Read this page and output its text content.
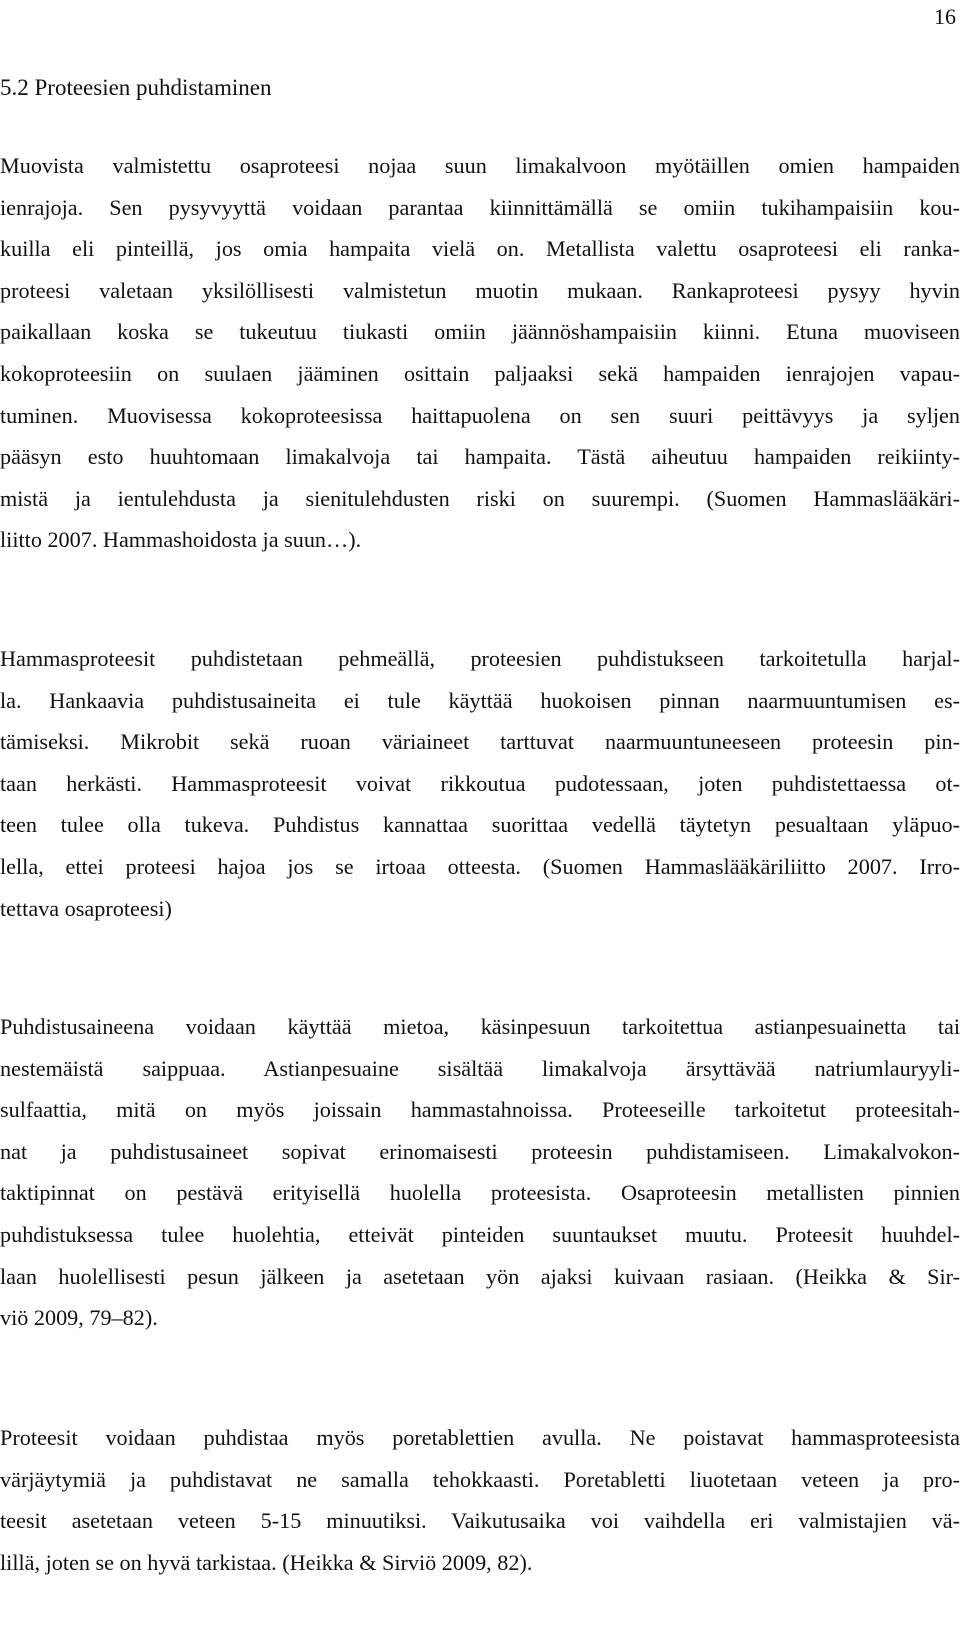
16
5.2 Proteesien puhdistaminen
Muovista valmistettu osaproteesi nojaa suun limakalvoon myötäillen omien hampaiden
ienrajoja. Sen pysyvyyttä voidaan parantaa kiinnittämällä se omiin tukihampaisiin kou-
kuilla eli pinteillä, jos omia hampaita vielä on. Metallista valettu osaproteesi eli ranka-
proteesi valetaan yksilöllisesti valmistetun muotin mukaan. Rankaproteesi pysyy hyvin
paikallaan koska se tukeutuu tiukasti omiin jäännöshampaisiin kiinni. Etuna muoviseen
kokoproteesiin on suulaen jääminen osittain paljaaksi sekä hampaiden ienrajojen vapau-
tuminen. Muovisessa kokoproteesissa haittapuolena on sen suuri peittävyys ja syljen
pääsyn esto huuhtomaan limakalvoja tai hampaita. Tästä aiheutuu hampaiden reikiinty-
mistä ja ientulehdusta ja sienitulehdusten riski on suurempi. (Suomen Hammaslääkäri-
liitto 2007. Hammashoidosta ja suun…).
Hammasproteesit puhdistetaan pehmeällä, proteesien puhdistukseen tarkoitetulla harjal-
la. Hankaavia puhdistusaineita ei tule käyttää huokoisen pinnan naarmuuntumisen es-
tämiseksi. Mikrobit sekä ruoan väriaineet tarttuvat naarmuuntuneeseen proteesin pin-
taan herkästi. Hammasproteesit voivat rikkoutua pudotessaan, joten puhdistettaessa ot-
teen tulee olla tukeva. Puhdistus kannattaa suorittaa vedellä täytetyn pesualtaan yläpuo-
lella, ettei proteesi hajoa jos se irtoaa otteesta. (Suomen Hammaslääkäriliitto 2007. Irro-
tettava osaproteesi)
Puhdistusaineena voidaan käyttää mietoa, käsinpesuun tarkoitettua astianpesuainetta tai
nestemäistä saippuaa. Astianpesuaine sisältää limakalvoja ärsyttävää natriumlauryyli-
sulfaattia, mitä on myös joissain hammastahnoissa. Proteeseille tarkoitetut proteesitah-
nat ja puhdistusaineet sopivat erinomaisesti proteesin puhdistamiseen. Limakalvokon-
taktipinnat on pestävä erityisellä huolella proteesista. Osaproteesin metallisten pinnien
puhdistuksessa tulee huolehtia, etteivät pinteiden suuntaukset muutu. Proteesit huuhdel-
laan huolellisesti pesun jälkeen ja asetetaan yön ajaksi kuivaan rasiaan. (Heikka & Sir-
viö 2009, 79–82).
Proteesit voidaan puhdistaa myös poretablettien avulla. Ne poistavat hammasproteesista
värjäytymiä ja puhdistavat ne samalla tehokkaasti. Poretabletti liuotetaan veteen ja pro-
teesit asetetaan veteen 5-15 minuutiksi. Vaikutusaika voi vaihdella eri valmistajien vä-
lillä, joten se on hyvä tarkistaa. (Heikka & Sirviö 2009, 82).
